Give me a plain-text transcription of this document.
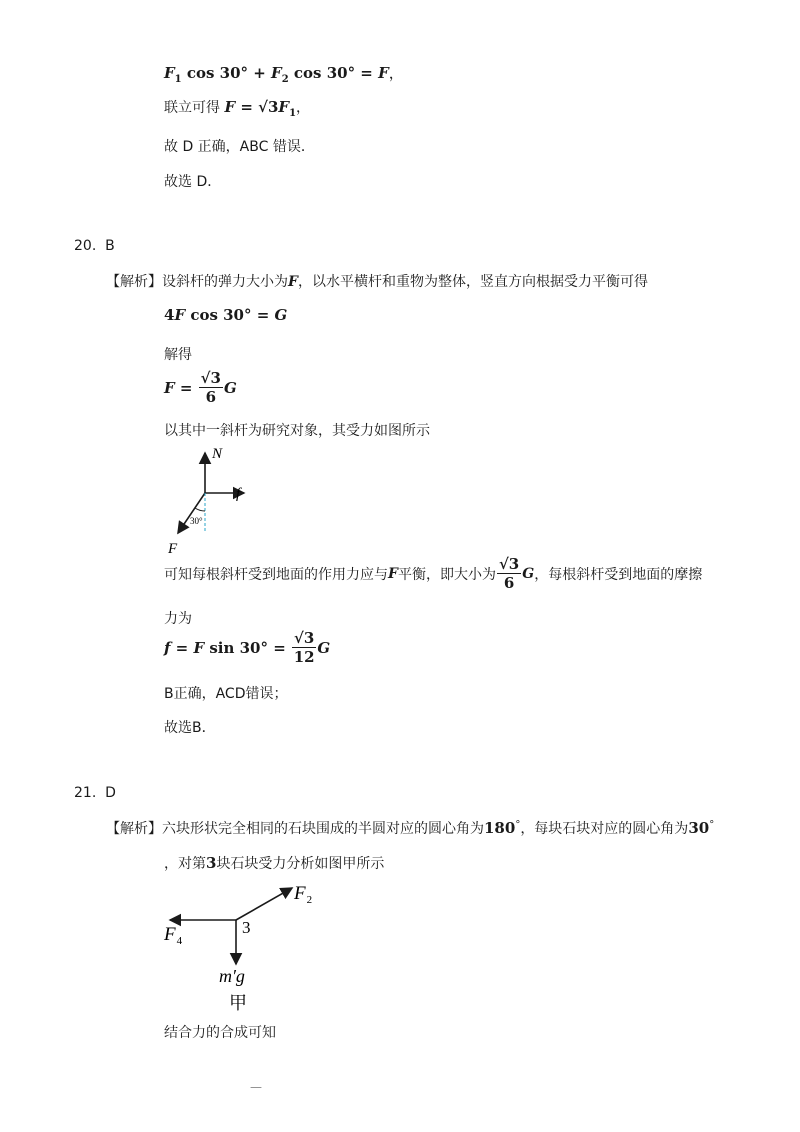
$F_1$ $\cos 30^\circ + F_2$ cos 30° = F，
联立可得 $F = √3F_1$，
故 D 正确，ABC 错误．
故选 D．
20. B
【解析】设斜杆的弹力大小为F，以水平横杆和重物为整体，竖直方向根据受力平衡可得
4F cos 30° = G
解得
$F = \frac{√3}{6}$ G
以其中一斜杆为研究对象，其受力如图所示
N
f
F
30°
可知每根斜杆受到地面的作用力应与F平衡，即大小为 $\frac{√3}{6}$ G，每根斜杆受到地面的摩擦
力为
f = F $\sin 30^\circ = \frac{√3}{12}$ G
B正确，ACD错误；
故选B．
21. D
【解析】六块形状完全相同的石块围成的半圆对应的圆心角为180°，每块石块对应的圆心角为30°
，对第3块石块受力分析如图甲所示
$F_2$
$F_4$
3
m′g
甲
结合力的合成可知
—
